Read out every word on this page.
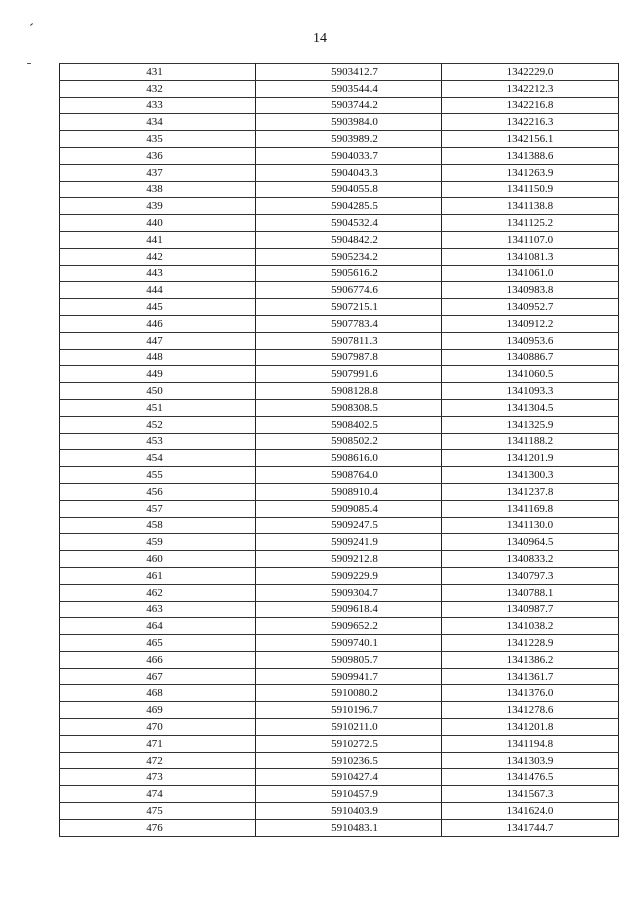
14
431	5903412.7	1342229.0
432	5903544.4	1342212.3
433	5903744.2	1342216.8
434	5903984.0	1342216.3
435	5903989.2	1342156.1
436	5904033.7	1341388.6
437	5904043.3	1341263.9
438	5904055.8	1341150.9
439	5904285.5	1341138.8
440	5904532.4	1341125.2
441	5904842.2	1341107.0
442	5905234.2	1341081.3
443	5905616.2	1341061.0
444	5906774.6	1340983.8
445	5907215.1	1340952.7
446	5907783.4	1340912.2
447	5907811.3	1340953.6
448	5907987.8	1340886.7
449	5907991.6	1341060.5
450	5908128.8	1341093.3
451	5908308.5	1341304.5
452	5908402.5	1341325.9
453	5908502.2	1341188.2
454	5908616.0	1341201.9
455	5908764.0	1341300.3
456	5908910.4	1341237.8
457	5909085.4	1341169.8
458	5909247.5	1341130.0
459	5909241.9	1340964.5
460	5909212.8	1340833.2
461	5909229.9	1340797.3
462	5909304.7	1340788.1
463	5909618.4	1340987.7
464	5909652.2	1341038.2
465	5909740.1	1341228.9
466	5909805.7	1341386.2
467	5909941.7	1341361.7
468	5910080.2	1341376.0
469	5910196.7	1341278.6
470	5910211.0	1341201.8
471	5910272.5	1341194.8
472	5910236.5	1341303.9
473	5910427.4	1341476.5
474	5910457.9	1341567.3
475	5910403.9	1341624.0
476	5910483.1	1341744.7
